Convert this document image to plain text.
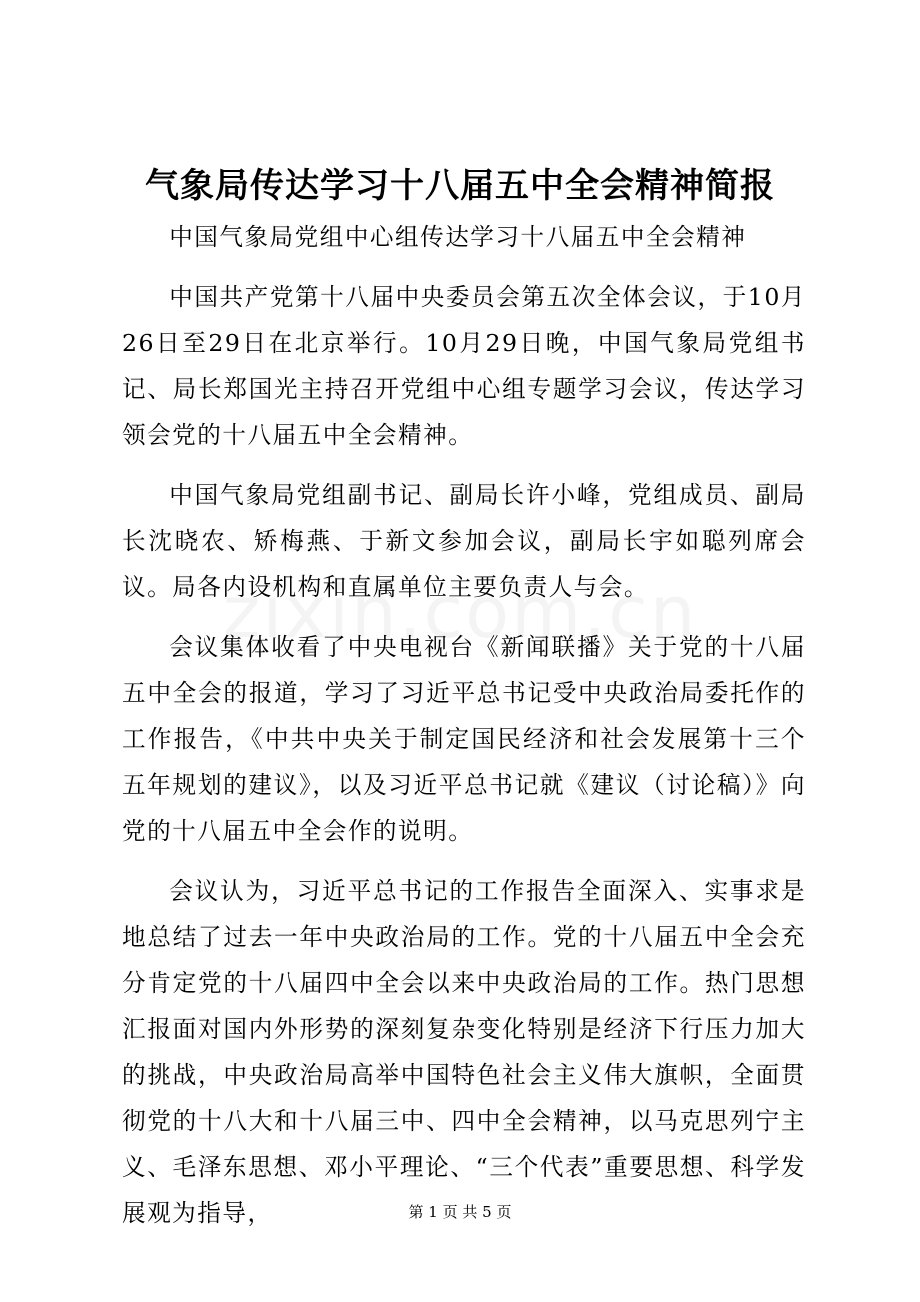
气象局传达学习十八届五中全会精神简报

中国气象局党组中心组传达学习十八届五中全会精神

中国共产党第十八届中央委员会第五次全体会议，于10月26日至29日在北京举行。10月29日晚，中国气象局党组书记、局长郑国光主持召开党组中心组专题学习会议，传达学习领会党的十八届五中全会精神。

中国气象局党组副书记、副局长许小峰，党组成员、副局长沈晓农、矫梅燕、于新文参加会议，副局长宇如聪列席会议。局各内设机构和直属单位主要负责人与会。

会议集体收看了中央电视台《新闻联播》关于党的十八届五中全会的报道，学习了习近平总书记受中央政治局委托作的工作报告，《中共中央关于制定国民经济和社会发展第十三个五年规划的建议》，以及习近平总书记就《建议（讨论稿）》向党的十八届五中全会作的说明。

会议认为，习近平总书记的工作报告全面深入、实事求是地总结了过去一年中央政治局的工作。党的十八届五中全会充分肯定党的十八届四中全会以来中央政治局的工作。热门思想汇报面对国内外形势的深刻复杂变化特别是经济下行压力加大的挑战，中央政治局高举中国特色社会主义伟大旗帜，全面贯彻党的十八大和十八届三中、四中全会精神，以马克思列宁主义、毛泽东思想、邓小平理论、“三个代表”重要思想、科学发展观为指导，	第 1 页 共 5 页
